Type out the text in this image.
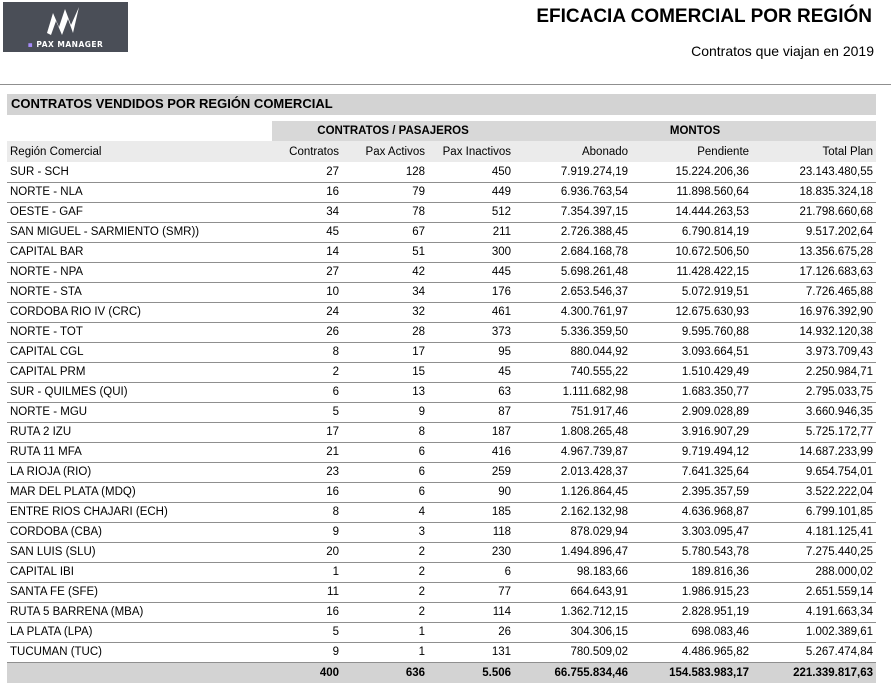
▪ PAX MANAGER
EFICACIA COMERCIAL POR REGIÓN
Contratos que viajan en 2019
CONTRATOS VENDIDOS POR REGIÓN COMERCIAL
	CONTRATOS / PASAJEROS			MONTOS		
Región Comercial	Contratos	Pax Activos	Pax Inactivos	Abonado	Pendiente	Total Plan
SUR - SCH	27	128	450	7.919.274,19	15.224.206,36	23.143.480,55
NORTE - NLA	16	79	449	6.936.763,54	11.898.560,64	18.835.324,18
OESTE - GAF	34	78	512	7.354.397,15	14.444.263,53	21.798.660,68
SAN MIGUEL - SARMIENTO (SMR))	45	67	211	2.726.388,45	6.790.814,19	9.517.202,64
CAPITAL BAR	14	51	300	2.684.168,78	10.672.506,50	13.356.675,28
NORTE - NPA	27	42	445	5.698.261,48	11.428.422,15	17.126.683,63
NORTE - STA	10	34	176	2.653.546,37	5.072.919,51	7.726.465,88
CORDOBA RIO IV (CRC)	24	32	461	4.300.761,97	12.675.630,93	16.976.392,90
NORTE - TOT	26	28	373	5.336.359,50	9.595.760,88	14.932.120,38
CAPITAL CGL	8	17	95	880.044,92	3.093.664,51	3.973.709,43
CAPITAL PRM	2	15	45	740.555,22	1.510.429,49	2.250.984,71
SUR - QUILMES (QUI)	6	13	63	1.111.682,98	1.683.350,77	2.795.033,75
NORTE - MGU	5	9	87	751.917,46	2.909.028,89	3.660.946,35
RUTA 2 IZU	17	8	187	1.808.265,48	3.916.907,29	5.725.172,77
RUTA 11 MFA	21	6	416	4.967.739,87	9.719.494,12	14.687.233,99
LA RIOJA (RIO)	23	6	259	2.013.428,37	7.641.325,64	9.654.754,01
MAR DEL PLATA (MDQ)	16	6	90	1.126.864,45	2.395.357,59	3.522.222,04
ENTRE RIOS CHAJARI (ECH)	8	4	185	2.162.132,98	4.636.968,87	6.799.101,85
CORDOBA (CBA)	9	3	118	878.029,94	3.303.095,47	4.181.125,41
SAN LUIS (SLU)	20	2	230	1.494.896,47	5.780.543,78	7.275.440,25
CAPITAL IBI	1	2	6	98.183,66	189.816,36	288.000,02
SANTA FE (SFE)	11	2	77	664.643,91	1.986.915,23	2.651.559,14
RUTA 5 BARRENA (MBA)	16	2	114	1.362.712,15	2.828.951,19	4.191.663,34
LA PLATA (LPA)	5	1	26	304.306,15	698.083,46	1.002.389,61
TUCUMAN (TUC)	9	1	131	780.509,02	4.486.965,82	5.267.474,84
	400	636	5.506	66.755.834,46	154.583.983,17	221.339.817,63
